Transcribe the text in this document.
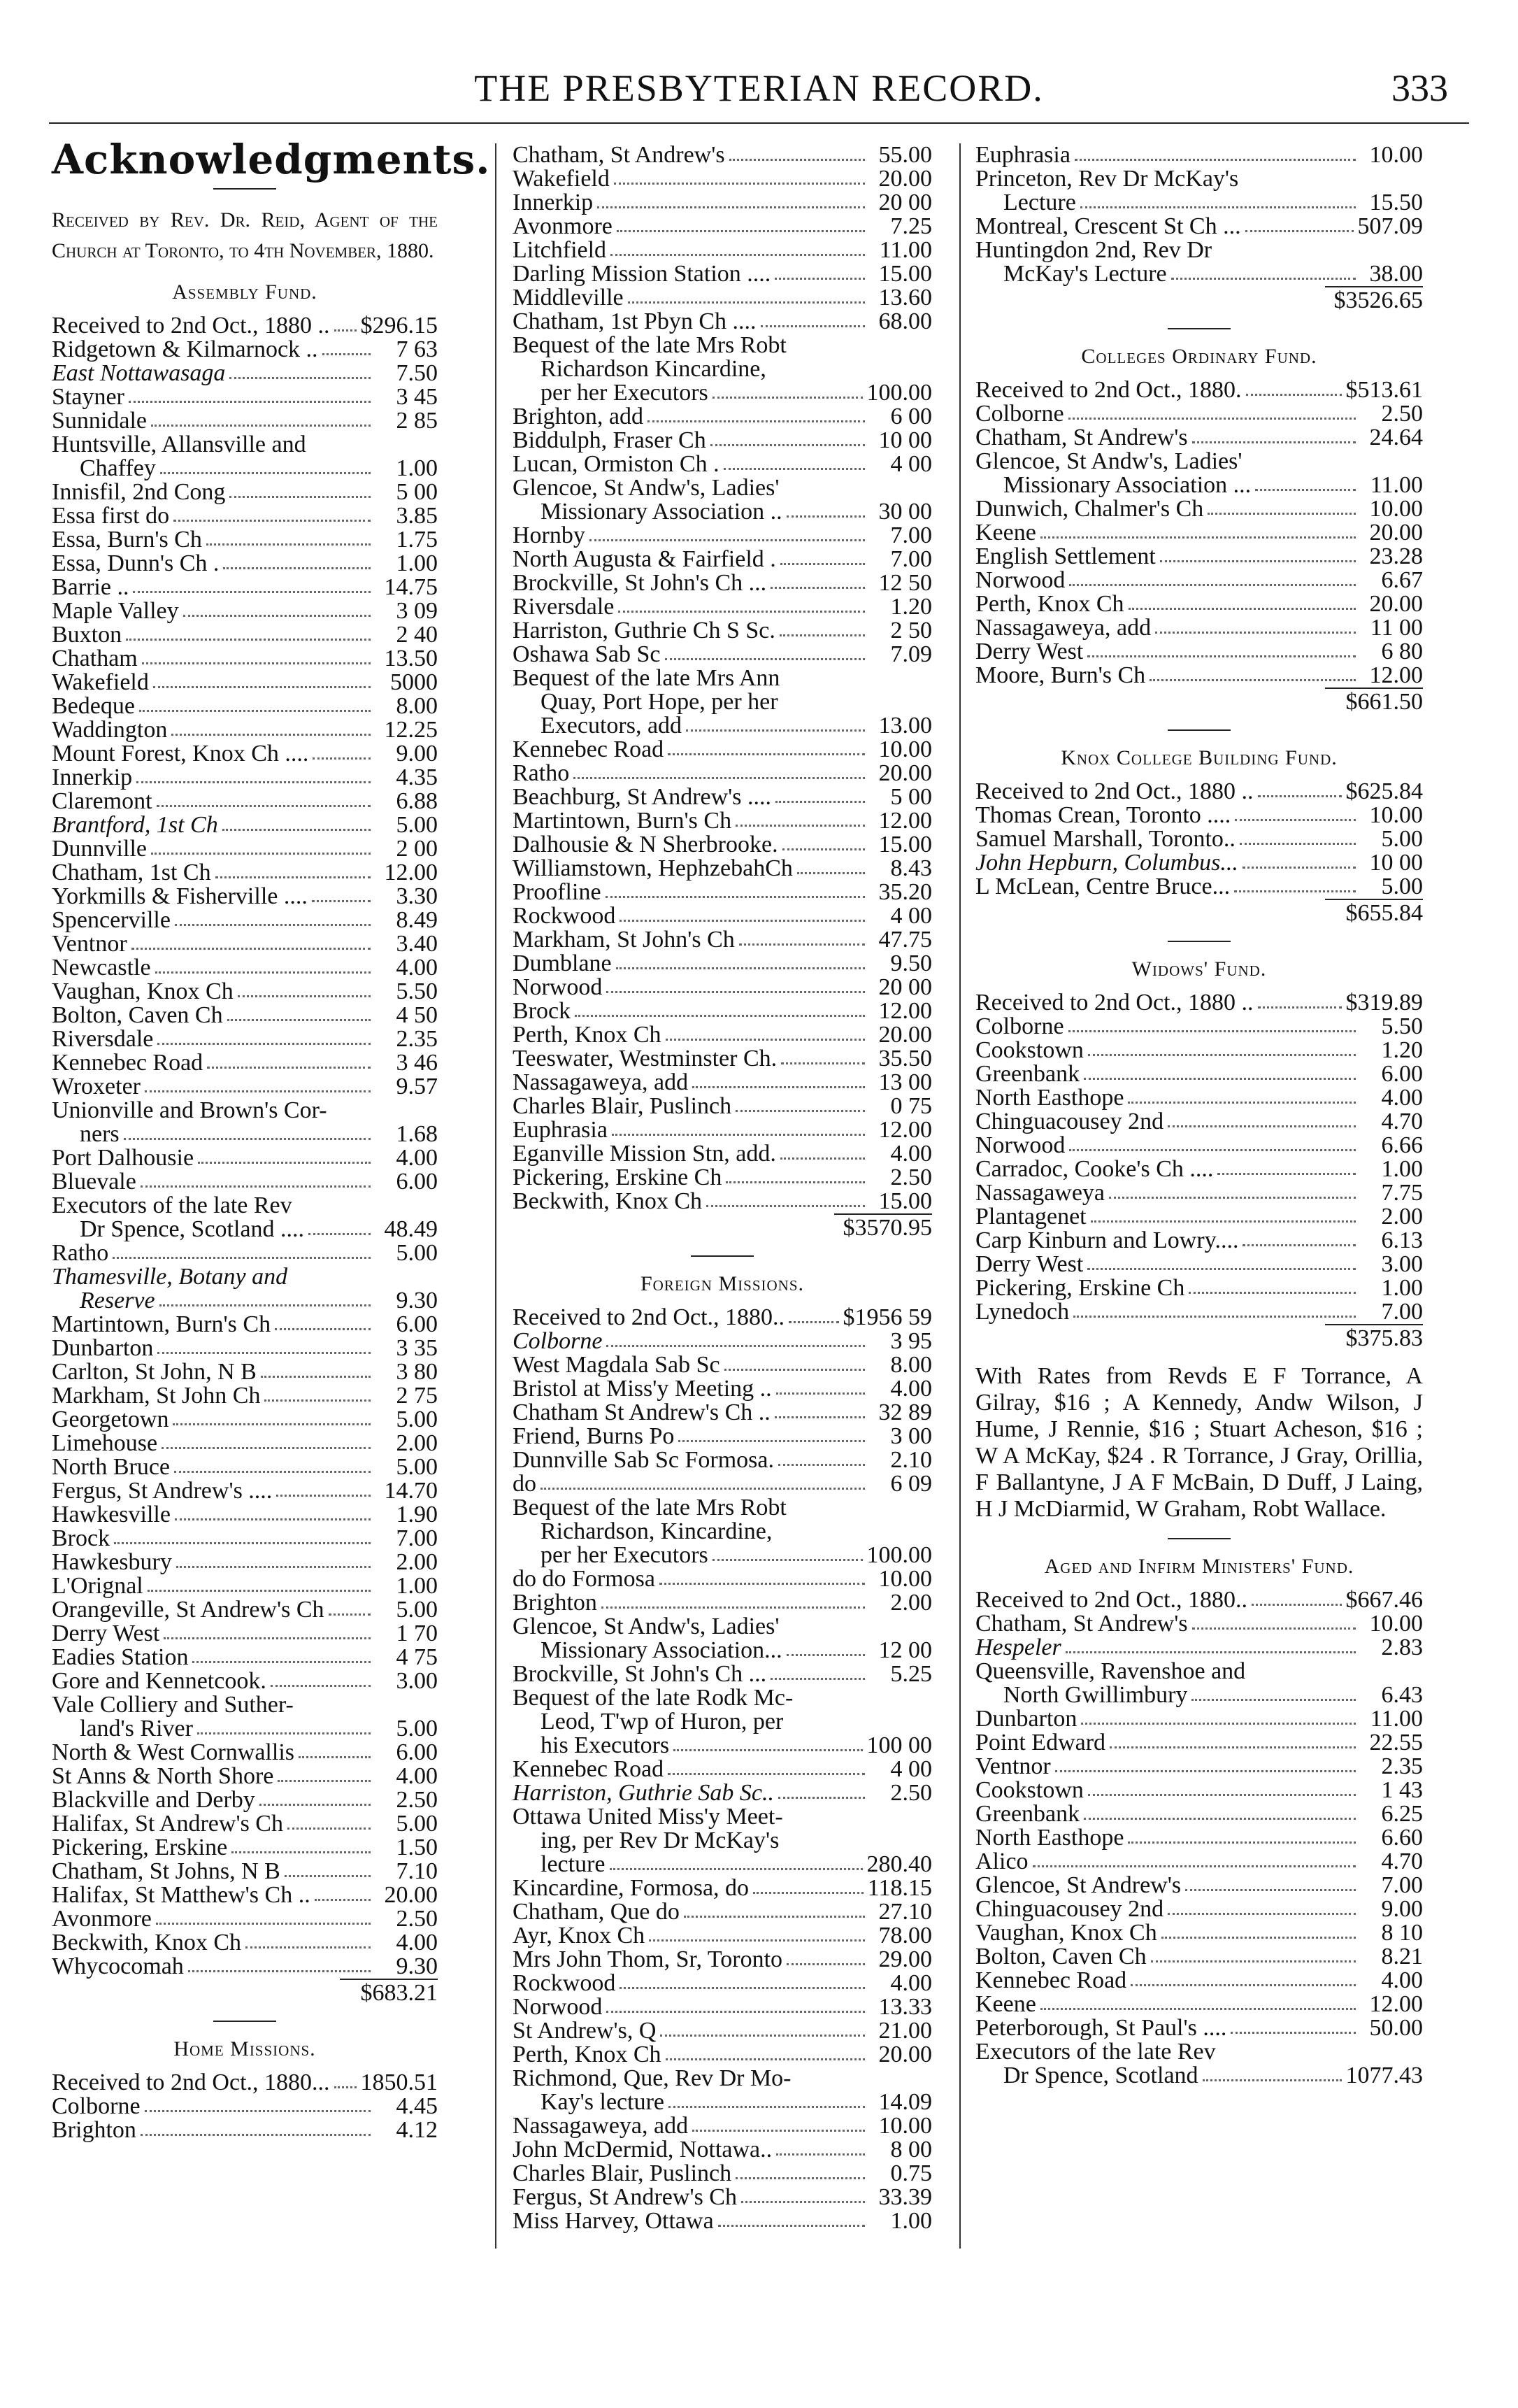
THE PRESBYTERIAN RECORD.	333
Acknowledgments.
Received by Rev. Dr. Reid, Agent of the Church at Toronto, to 4th November, 1880.
Assembly Fund.
Received to 2nd Oct., 1880 .. $296.15
Ridgetown & Kilmarnock ..	7 63
East Nottawasaga	7.50
Stayner	3 45
Sunnidale	2 85
Huntsville, Allansville and
Chaffey	1.00
Innisfil, 2nd Cong	5 00
Essa first do	3.85
Essa, Burn's Ch	1.75
Essa, Dunn's Ch .	1.00
Barrie ..	14.75
Maple Valley	3 09
Buxton	2 40
Chatham	13.50
Wakefield	5000
Bedeque	8.00
Waddington	12.25
Mount Forest, Knox Ch ....	9.00
Innerkip	4.35
Claremont	6.88
Brantford, 1st Ch	5.00
Dunnville	2 00
Chatham, 1st Ch	12.00
Yorkmills & Fisherville ....	3.30
Spencerville	8.49
Ventnor	3.40
Newcastle	4.00
Vaughan, Knox Ch	5.50
Bolton, Caven Ch	4 50
Riversdale	2.35
Kennebec Road	3 46
Wroxeter	9.57
Unionville and Brown's Cor-
ners	1.68
Port Dalhousie	4.00
Bluevale	6.00
Executors of the late Rev
Dr Spence, Scotland ....	48.49
Ratho	5.00
Thamesville, Botany and
Reserve	9.30
Martintown, Burn's Ch	6.00
Dunbarton	3 35
Carlton, St John, N B	3 80
Markham, St John Ch	2 75
Georgetown	5.00
Limehouse	2.00
North Bruce	5.00
Fergus, St Andrew's ....	14.70
Hawkesville	1.90
Brock	7.00
Hawkesbury	2.00
L'Orignal	1.00
Orangeville, St Andrew's Ch	5.00
Derry West	1 70
Eadies Station	4 75
Gore and Kennetcook.	3.00
Vale Colliery and Suther-
land's River	5.00
North & West Cornwallis	6.00
St Anns & North Shore	4.00
Blackville and Derby	2.50
Halifax, St Andrew's Ch	5.00
Pickering, Erskine	1.50
Chatham, St Johns, N B	7.10
Halifax, St Matthew's Ch ..	20.00
Avonmore	2.50
Beckwith, Knox Ch	4.00
Whycocomah	9.30
$683.21
Home Missions.
Received to 2nd Oct., 1880... 1850.51
Colborne	4.45
Brighton	4.12
Chatham, St Andrew's	55.00
Wakefield	20.00
Innerkip	20 00
Avonmore	7.25
Litchfield	11.00
Darling Mission Station ....	15.00
Middleville	13.60
Chatham, 1st Pbyn Ch ....	68.00
Bequest of the late Mrs Robt
Richardson Kincardine,
per her Executors	100.00
Brighton, add	6 00
Biddulph, Fraser Ch	10 00
Lucan, Ormiston Ch .	4 00
Glencoe, St Andw's, Ladies'
Missionary Association ..	30 00
Hornby	7.00
North Augusta & Fairfield .	7.00
Brockville, St John's Ch ...	12 50
Riversdale	1.20
Harriston, Guthrie Ch S Sc.	2 50
Oshawa Sab Sc	7.09
Bequest of the late Mrs Ann
Quay, Port Hope, per her
Executors, add	13.00
Kennebec Road	10.00
Ratho	20.00
Beachburg, St Andrew's ....	5 00
Martintown, Burn's Ch	12.00
Dalhousie & N Sherbrooke.	15.00
Williamstown, HephzebahCh	8.43
Proofline	35.20
Rockwood	4 00
Markham, St John's Ch	47.75
Dumblane	9.50
Norwood	20 00
Brock	12.00
Perth, Knox Ch	20.00
Teeswater, Westminster Ch.	35.50
Nassagaweya, add	13 00
Charles Blair, Puslinch	0 75
Euphrasia	12.00
Eganville Mission Stn, add.	4.00
Pickering, Erskine Ch	2.50
Beckwith, Knox Ch	15.00
$3570.95
Foreign Missions.
Received to 2nd Oct., 1880.. $1956 59
Colborne	3 95
West Magdala Sab Sc	8.00
Bristol at Miss'y Meeting ..	4.00
Chatham St Andrew's Ch ..	32 89
Friend, Burns Po	3 00
Dunnville Sab Sc Formosa.	2.10
do	6 09
Bequest of the late Mrs Robt
Richardson, Kincardine,
per her Executors	100.00
do do Formosa	10.00
Brighton	2.00
Glencoe, St Andw's, Ladies'
Missionary Association...	12 00
Brockville, St John's Ch ...	5.25
Bequest of the late Rodk Mc-
Leod, T'wp of Huron, per
his Executors	100 00
Kennebec Road	4 00
Harriston, Guthrie Sab Sc..	2.50
Ottawa United Miss'y Meet-
ing, per Rev Dr McKay's
lecture	280.40
Kincardine, Formosa, do	118.15
Chatham, Que do	27.10
Ayr, Knox Ch	78.00
Mrs John Thom, Sr, Toronto	29.00
Rockwood	4.00
Norwood	13.33
St Andrew's, Q	21.00
Perth, Knox Ch	20.00
Richmond, Que, Rev Dr Mo-
Kay's lecture	14.09
Nassagaweya, add	10.00
John McDermid, Nottawa..	8 00
Charles Blair, Puslinch	0.75
Fergus, St Andrew's Ch	33.39
Miss Harvey, Ottawa	1.00
Euphrasia	10.00
Princeton, Rev Dr McKay's
Lecture	15.50
Montreal, Crescent St Ch ...	507.09
Huntingdon 2nd, Rev Dr
McKay's Lecture	38.00
$3526.65
Colleges Ordinary Fund.
Received to 2nd Oct., 1880.	$513.61
Colborne	2.50
Chatham, St Andrew's	24.64
Glencoe, St Andw's, Ladies'
Missionary Association ...	11.00
Dunwich, Chalmer's Ch	10.00
Keene	20.00
English Settlement	23.28
Norwood	6.67
Perth, Knox Ch	20.00
Nassagaweya, add	11 00
Derry West	6 80
Moore, Burn's Ch	12.00
$661.50
Knox College Building Fund.
Received to 2nd Oct., 1880 ..	$625.84
Thomas Crean, Toronto ....	10.00
Samuel Marshall, Toronto..	5.00
John Hepburn, Columbus...	10 00
L McLean, Centre Bruce...	5.00
$655.84
Widows' Fund.
Received to 2nd Oct., 1880 ..	$319.89
Colborne	5.50
Cookstown	1.20
Greenbank	6.00
North Easthope	4.00
Chinguacousey 2nd	4.70
Norwood	6.66
Carradoc, Cooke's Ch ....	1.00
Nassagaweya	7.75
Plantagenet	2.00
Carp Kinburn and Lowry....	6.13
Derry West	3.00
Pickering, Erskine Ch	1.00
Lynedoch	7.00
$375.83
With Rates from Revds E F Torrance, A Gilray, $16 ; A Kennedy, Andw Wilson, J Hume, J Rennie, $16 ; Stuart Acheson, $16 ; W A McKay, $24 . R Torrance, J Gray, Orillia, F Ballantyne, J A F McBain, D Duff, J Laing, H J McDiarmid, W Graham, Robt Wallace.
Aged and Infirm Ministers' Fund.
Received to 2nd Oct., 1880..	$667.46
Chatham, St Andrew's	10.00
Hespeler	2.83
Queensville, Ravenshoe and
North Gwillimbury	6.43
Dunbarton	11.00
Point Edward	22.55
Ventnor	2.35
Cookstown	1 43
Greenbank	6.25
North Easthope	6.60
Alico	4.70
Glencoe, St Andrew's	7.00
Chinguacousey 2nd	9.00
Vaughan, Knox Ch	8 10
Bolton, Caven Ch	8.21
Kennebec Road	4.00
Keene	12.00
Peterborough, St Paul's ....	50.00
Executors of the late Rev
Dr Spence, Scotland	1077.43
